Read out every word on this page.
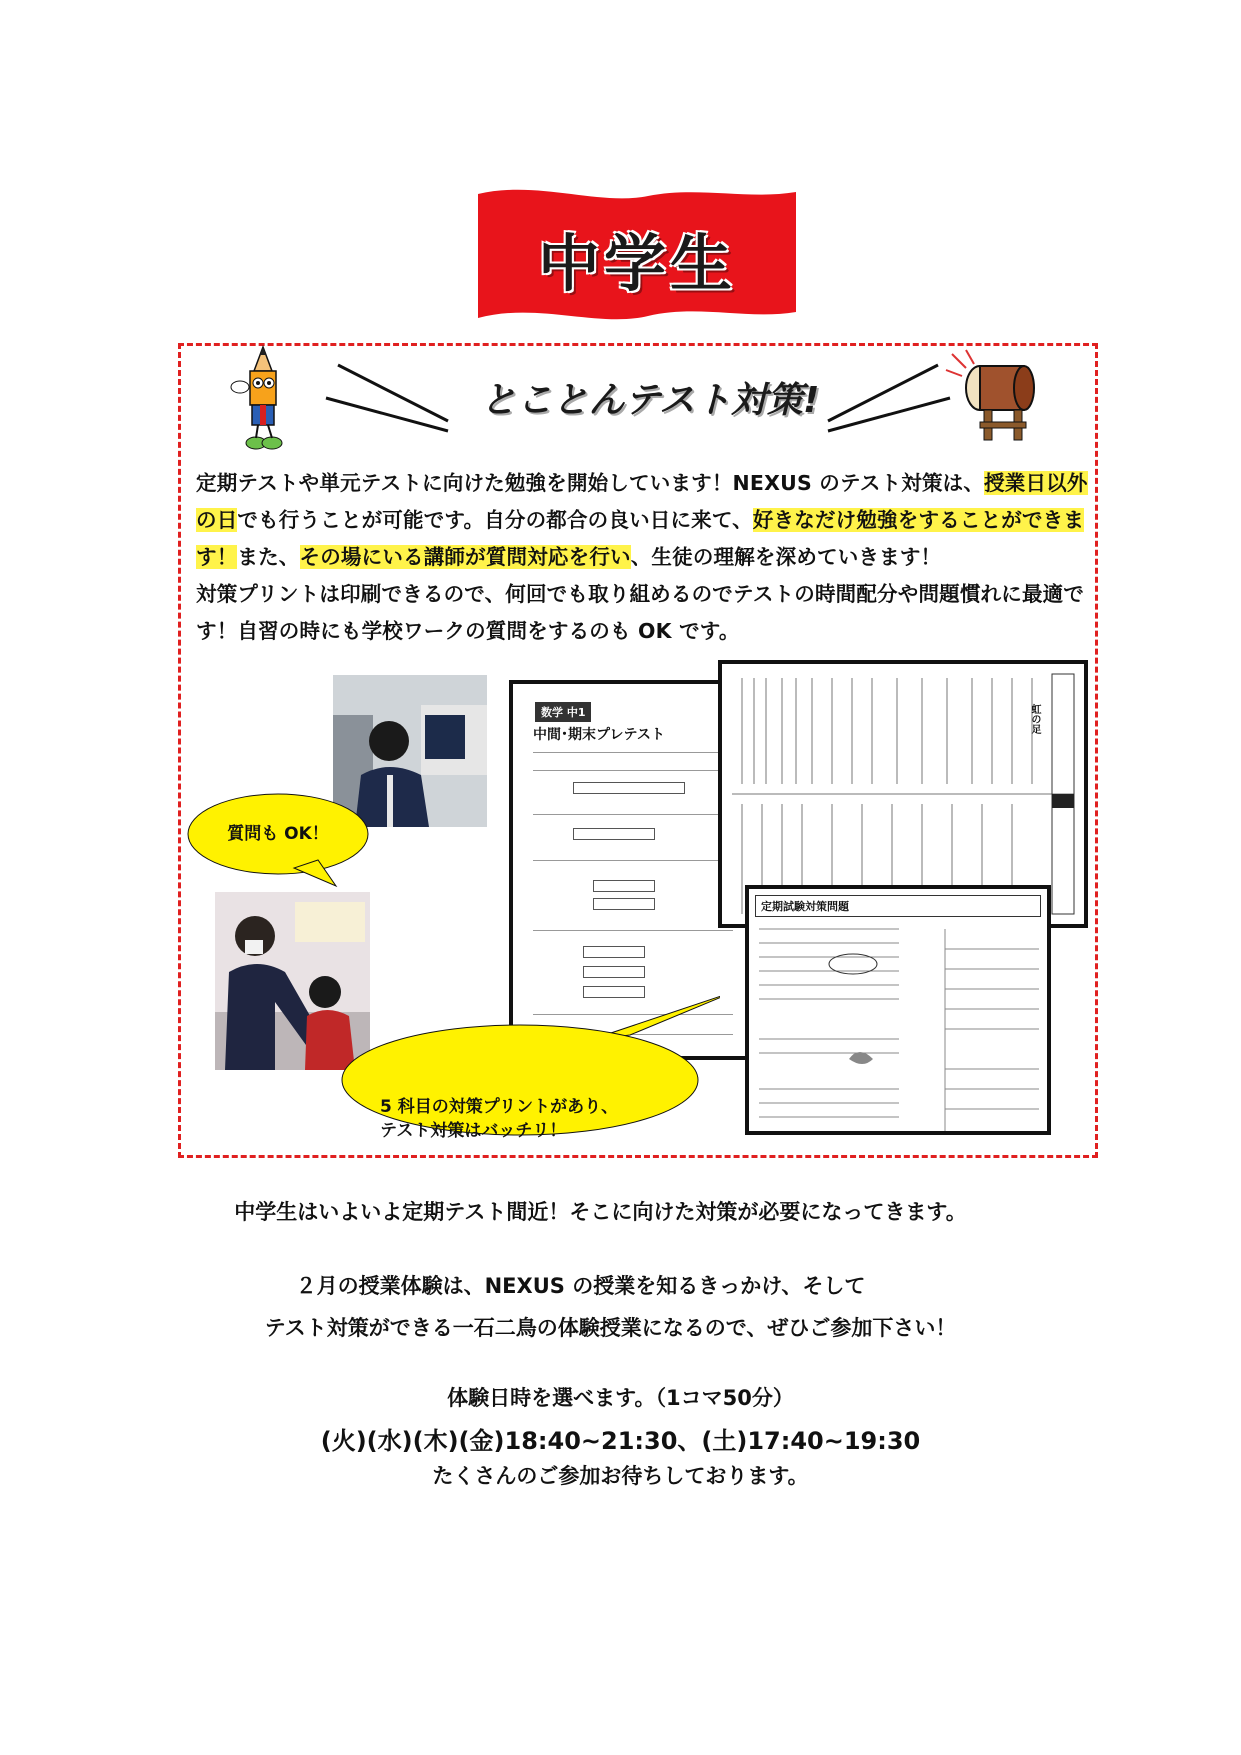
中学生
とことんテスト対策!
定期テストや単元テストに向けた勉強を開始しています！NEXUS のテスト対策は、授業日以外の日でも行うことが可能です。自分の都合の良い日に来て、好きなだけ勉強をすることができます！また、その場にいる講師が質問対応を行い、生徒の理解を深めていきます！
対策プリントは印刷できるので、何回でも取り組めるのでテストの時間配分や問題慣れに最適です！自習の時にも学校ワークの質問をするのも OK です。
数学 中1
中間･期末プレテスト
虹の足
定期試験対策問題
質問も OK！
5 科目の対策プリントがあり、
テスト対策はバッチリ！

中学生はいよいよ定期テスト間近！そこに向けた対策が必要になってきます。

２月の授業体験は、NEXUS の授業を知るきっかけ、そして

テスト対策ができる一石二鳥の体験授業になるので、ぜひご参加下さい！

体験日時を選べます。（1コマ50分）

(火)(水)(木)(金)18:40~21:30、(土)17:40~19:30

たくさんのご参加お待ちしております。
